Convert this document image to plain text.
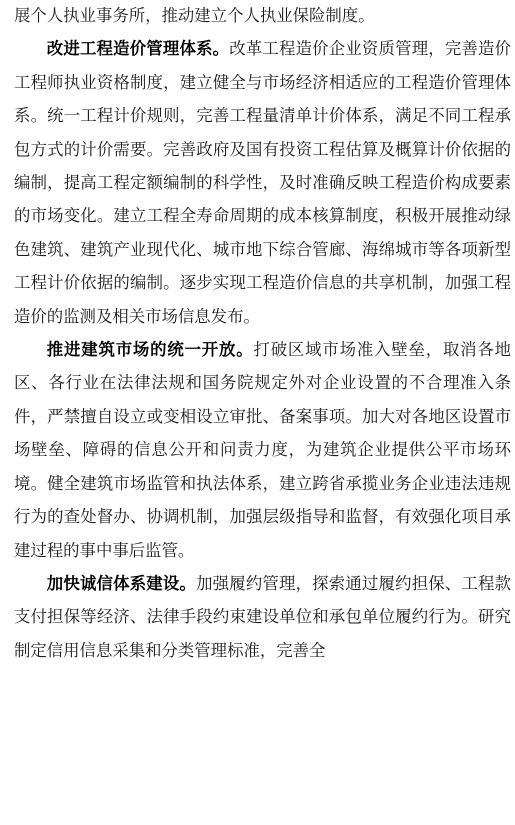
展个人执业事务所，推动建立个人执业保险制度。

改进工程造价管理体系。改革工程造价企业资质管理，完善造价工程师执业资格制度，建立健全与市场经济相适应的工程造价管理体系。统一工程计价规则，完善工程量清单计价体系，满足不同工程承包方式的计价需要。完善政府及国有投资工程估算及概算计价依据的编制，提高工程定额编制的科学性，及时准确反映工程造价构成要素的市场变化。建立工程全寿命周期的成本核算制度，积极开展推动绿色建筑、建筑产业现代化、城市地下综合管廊、海绵城市等各项新型工程计价依据的编制。逐步实现工程造价信息的共享机制，加强工程造价的监测及相关市场信息发布。

推进建筑市场的统一开放。打破区域市场准入壁垒，取消各地区、各行业在法律法规和国务院规定外对企业设置的不合理准入条件，严禁擅自设立或变相设立审批、备案事项。加大对各地区设置市场壁垒、障碍的信息公开和问责力度，为建筑企业提供公平市场环境。健全建筑市场监管和执法体系，建立跨省承揽业务企业违法违规行为的查处督办、协调机制，加强层级指导和监督，有效强化项目承建过程的事中事后监管。

加快诚信体系建设。加强履约管理，探索通过履约担保、工程款支付担保等经济、法律手段约束建设单位和承包单位履约行为。研究制定信用信息采集和分类管理标准，完善全
